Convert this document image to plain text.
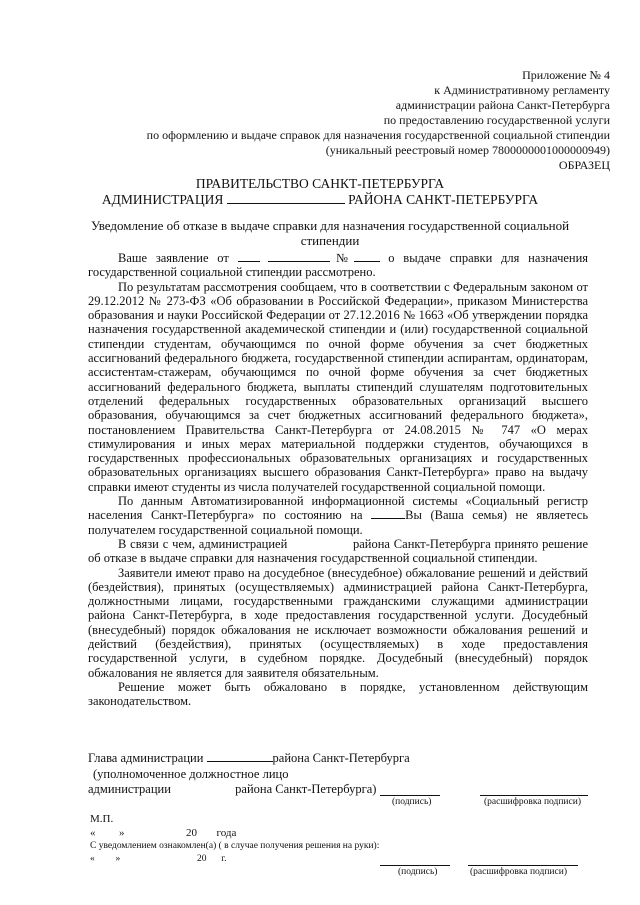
Приложение № 4
к Административному регламенту
администрации района Санкт-Петербурга
по предоставлению государственной услуги
по оформлению и выдаче справок для назначения государственной социальной стипендии
(уникальный реестровый номер 7800000001000000949)
ОБРАЗЕЦ
ПРАВИТЕЛЬСТВО САНКТ-ПЕТЕРБУРГА
АДМИНИСТРАЦИЯ	РАЙОНА САНКТ-ПЕТЕРБУРГА
Уведомление об отказе в выдаче справки для назначения государственной социальной стипендии

Ваше заявление от	№	о выдаче справки для назначения государственной социальной стипендии рассмотрено.

По результатам рассмотрения сообщаем, что в соответствии с Федеральным законом от 29.12.2012 № 273-ФЗ «Об образовании в Российской Федерации», приказом Министерства образования и науки Российской Федерации от 27.12.2016 № 1663 «Об утверждении порядка назначения государственной академической стипендии и (или) государственной социальной стипендии студентам, обучающимся по очной форме обучения за счет бюджетных ассигнований федерального бюджета, государственной стипендии аспирантам, ординаторам, ассистентам-стажерам, обучающимся по очной форме обучения за счет бюджетных ассигнований федерального бюджета, выплаты стипендий слушателям подготовительных отделений федеральных государственных образовательных организаций высшего образования, обучающимся за счет бюджетных ассигнований федерального бюджета», постановлением Правительства Санкт-Петербурга от 24.08.2015 № 747 «О мерах стимулирования и иных мерах материальной поддержки студентов, обучающихся в государственных профессиональных образовательных организациях и государственных образовательных организациях высшего образования Санкт-Петербурга» право на выдачу справки имеют студенты из числа получателей государственной социальной помощи.

По данным Автоматизированной информационной системы «Социальный регистр населения Санкт-Петербурга» по состоянию на	Вы (Ваша семья) не являетесь получателем государственной социальной помощи.

В связи с чем, администрацией	района Санкт-Петербурга принято решение об отказе в выдаче справки для назначения государственной социальной стипендии.

Заявители имеют право на досудебное (внесудебное) обжалование решений и действий (бездействия), принятых (осуществляемых) администрацией района Санкт-Петербурга, должностными лицами, государственными гражданскими служащими администрации района Санкт-Петербурга, в ходе предоставления государственной услуги. Досудебный (внесудебный) порядок обжалования не исключает возможности обжалования решений и действий (бездействия), принятых (осуществляемых) в ходе предоставления государственной услуги, в судебном порядке. Досудебный (внесудебный) порядок обжалования не является для заявителя обязательным.

Решение может быть обжаловано в порядке, установленном действующим законодательством.

Глава администрации	района Санкт-Петербурга
(уполномоченное должностное лицо
администрации	района Санкт-Петербурга)
(подпись)	(расшифровка подписи)
М.П.
« »	20 года
С уведомлением ознакомлен(а) ( в случае получения решения на руки):
« »	20 г.
(подпись)	(расшифровка подписи)
